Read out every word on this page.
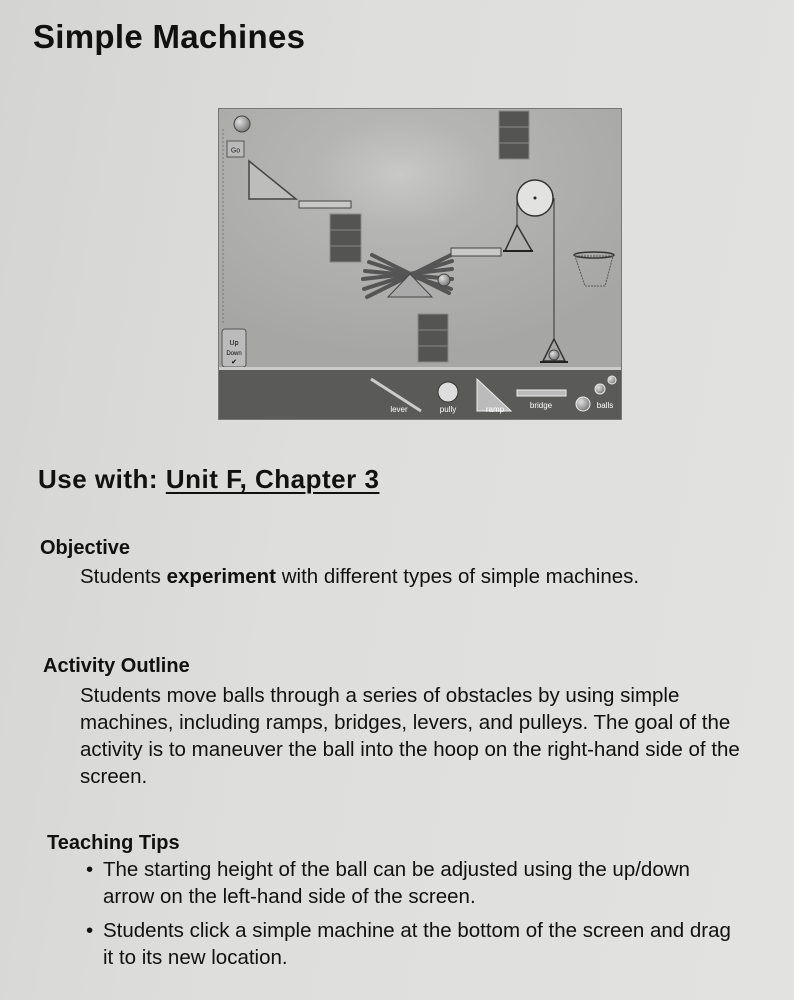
Simple Machines
Go
Up
Down
✔
lever	pully	ramp	bridge	balls
Use with: Unit F, Chapter 3
Objective
Students experiment with different types of simple machines.
Activity Outline
Students move balls through a series of obstacles by using simple machines, including ramps, bridges, levers, and pulleys. The goal of the activity is to maneuver the ball into the hoop on the right-hand side of the screen.
Teaching Tips
• The starting height of the ball can be adjusted using the up/down arrow on the left-hand side of the screen.
• Students click a simple machine at the bottom of the screen and drag it to its new location.
